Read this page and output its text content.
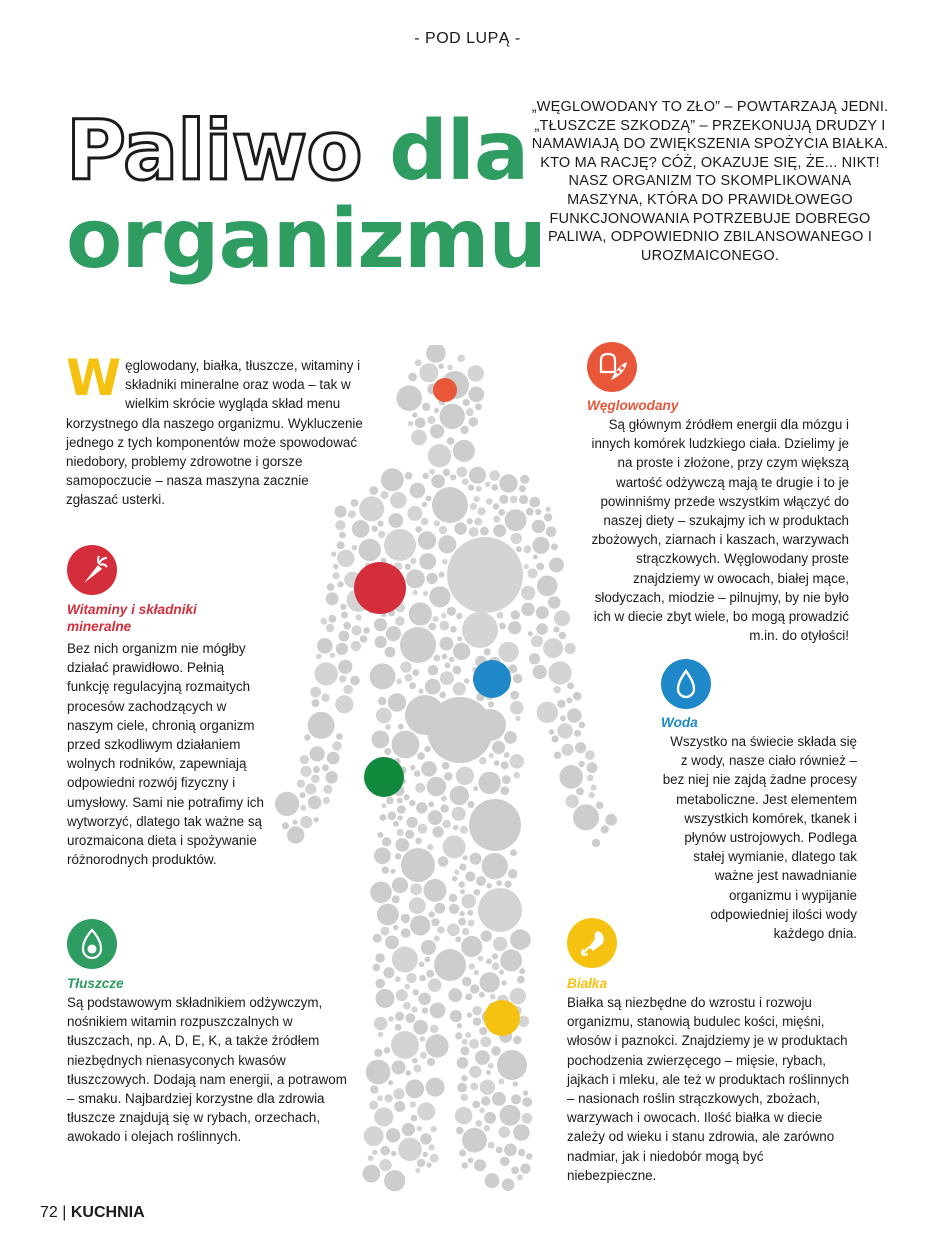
- POD LUPĄ -
Paliwo dla
organizmu
„WĘGLOWODANY TO ZŁO” – POWTARZAJĄ JEDNI. „TŁUSZCZE SZKODZĄ” – PRZEKONUJĄ DRUDZY I NAMAWIAJĄ DO ZWIĘKSZENIA SPOŻYCIA BIAŁKA. KTO MA RACJĘ? CÓŻ, OKAZUJE SIĘ, ŻE... NIKT! NASZ ORGANIZM TO SKOMPLIKOWANA MASZYNA, KTÓRA DO PRAWIDŁOWEGO FUNKCJONOWANIA POTRZEBUJE DOBREGO PALIWA, ODPOWIEDNIO ZBILANSOWANEGO I UROZMAICONEGO.
Węglowodany, białka, tłuszcze, witaminy i składniki mineralne oraz woda – tak w wielkim skrócie wygląda skład menu korzystnego dla naszego organizmu. Wykluczenie jednego z tych komponentów może spowodować niedobory, problemy zdrowotne i gorsze samopoczucie – nasza maszyna zacznie zgłaszać usterki.
Węglowodany
Są głównym źródłem energii dla mózgu i innych komórek ludzkiego ciała. Dzielimy je na proste i złożone, przy czym większą wartość odżywczą mają te drugie i to je powinniśmy przede wszystkim włączyć do naszej diety – szukajmy ich w produktach zbożowych, ziarnach i kaszach, warzywach strączkowych. Węglowodany proste znajdziemy w owocach, białej mące, słodyczach, miodzie – pilnujmy, by nie było ich w diecie zbyt wiele, bo mogą prowadzić m.in. do otyłości!
Witaminy i składniki
mineralne
Bez nich organizm nie mógłby działać prawidłowo. Pełnią funkcję regulacyjną rozmaitych procesów zachodzących w naszym ciele, chronią organizm przed szkodliwym działaniem wolnych rodników, zapewniają odpowiedni rozwój fizyczny i umysłowy. Sami nie potrafimy ich wytworzyć, dlatego tak ważne są urozmaicona dieta i spożywanie różnorodnych produktów.
Woda
Wszystko na świecie składa się z wody, nasze ciało również – bez niej nie zajdą żadne procesy metaboliczne. Jest elementem wszystkich komórek, tkanek i płynów ustrojowych. Podlega stałej wymianie, dlatego tak ważne jest nawadnianie organizmu i wypijanie odpowiedniej ilości wody każdego dnia.
Tłuszcze
Są podstawowym składnikiem odżywczym, nośnikiem witamin rozpuszczalnych w tłuszczach, np. A, D, E, K, a także źródłem niezbędnych nienasyconych kwasów tłuszczowych. Dodają nam energii, a potrawom – smaku. Najbardziej korzystne dla zdrowia tłuszcze znajdują się w rybach, orzechach, awokado i olejach roślinnych.
Białka
Białka są niezbędne do wzrostu i rozwoju organizmu, stanowią budulec kości, mięśni, włosów i paznokci. Znajdziemy je w produktach pochodzenia zwierzęcego – mięsie, rybach, jajkach i mleku, ale też w produktach roślinnych – nasionach roślin strączkowych, zbożach, warzywach i owocach. Ilość białka w diecie zależy od wieku i stanu zdrowia, ale zarówno nadmiar, jak i niedobór mogą być niebezpieczne.
72 | KUCHNIA
